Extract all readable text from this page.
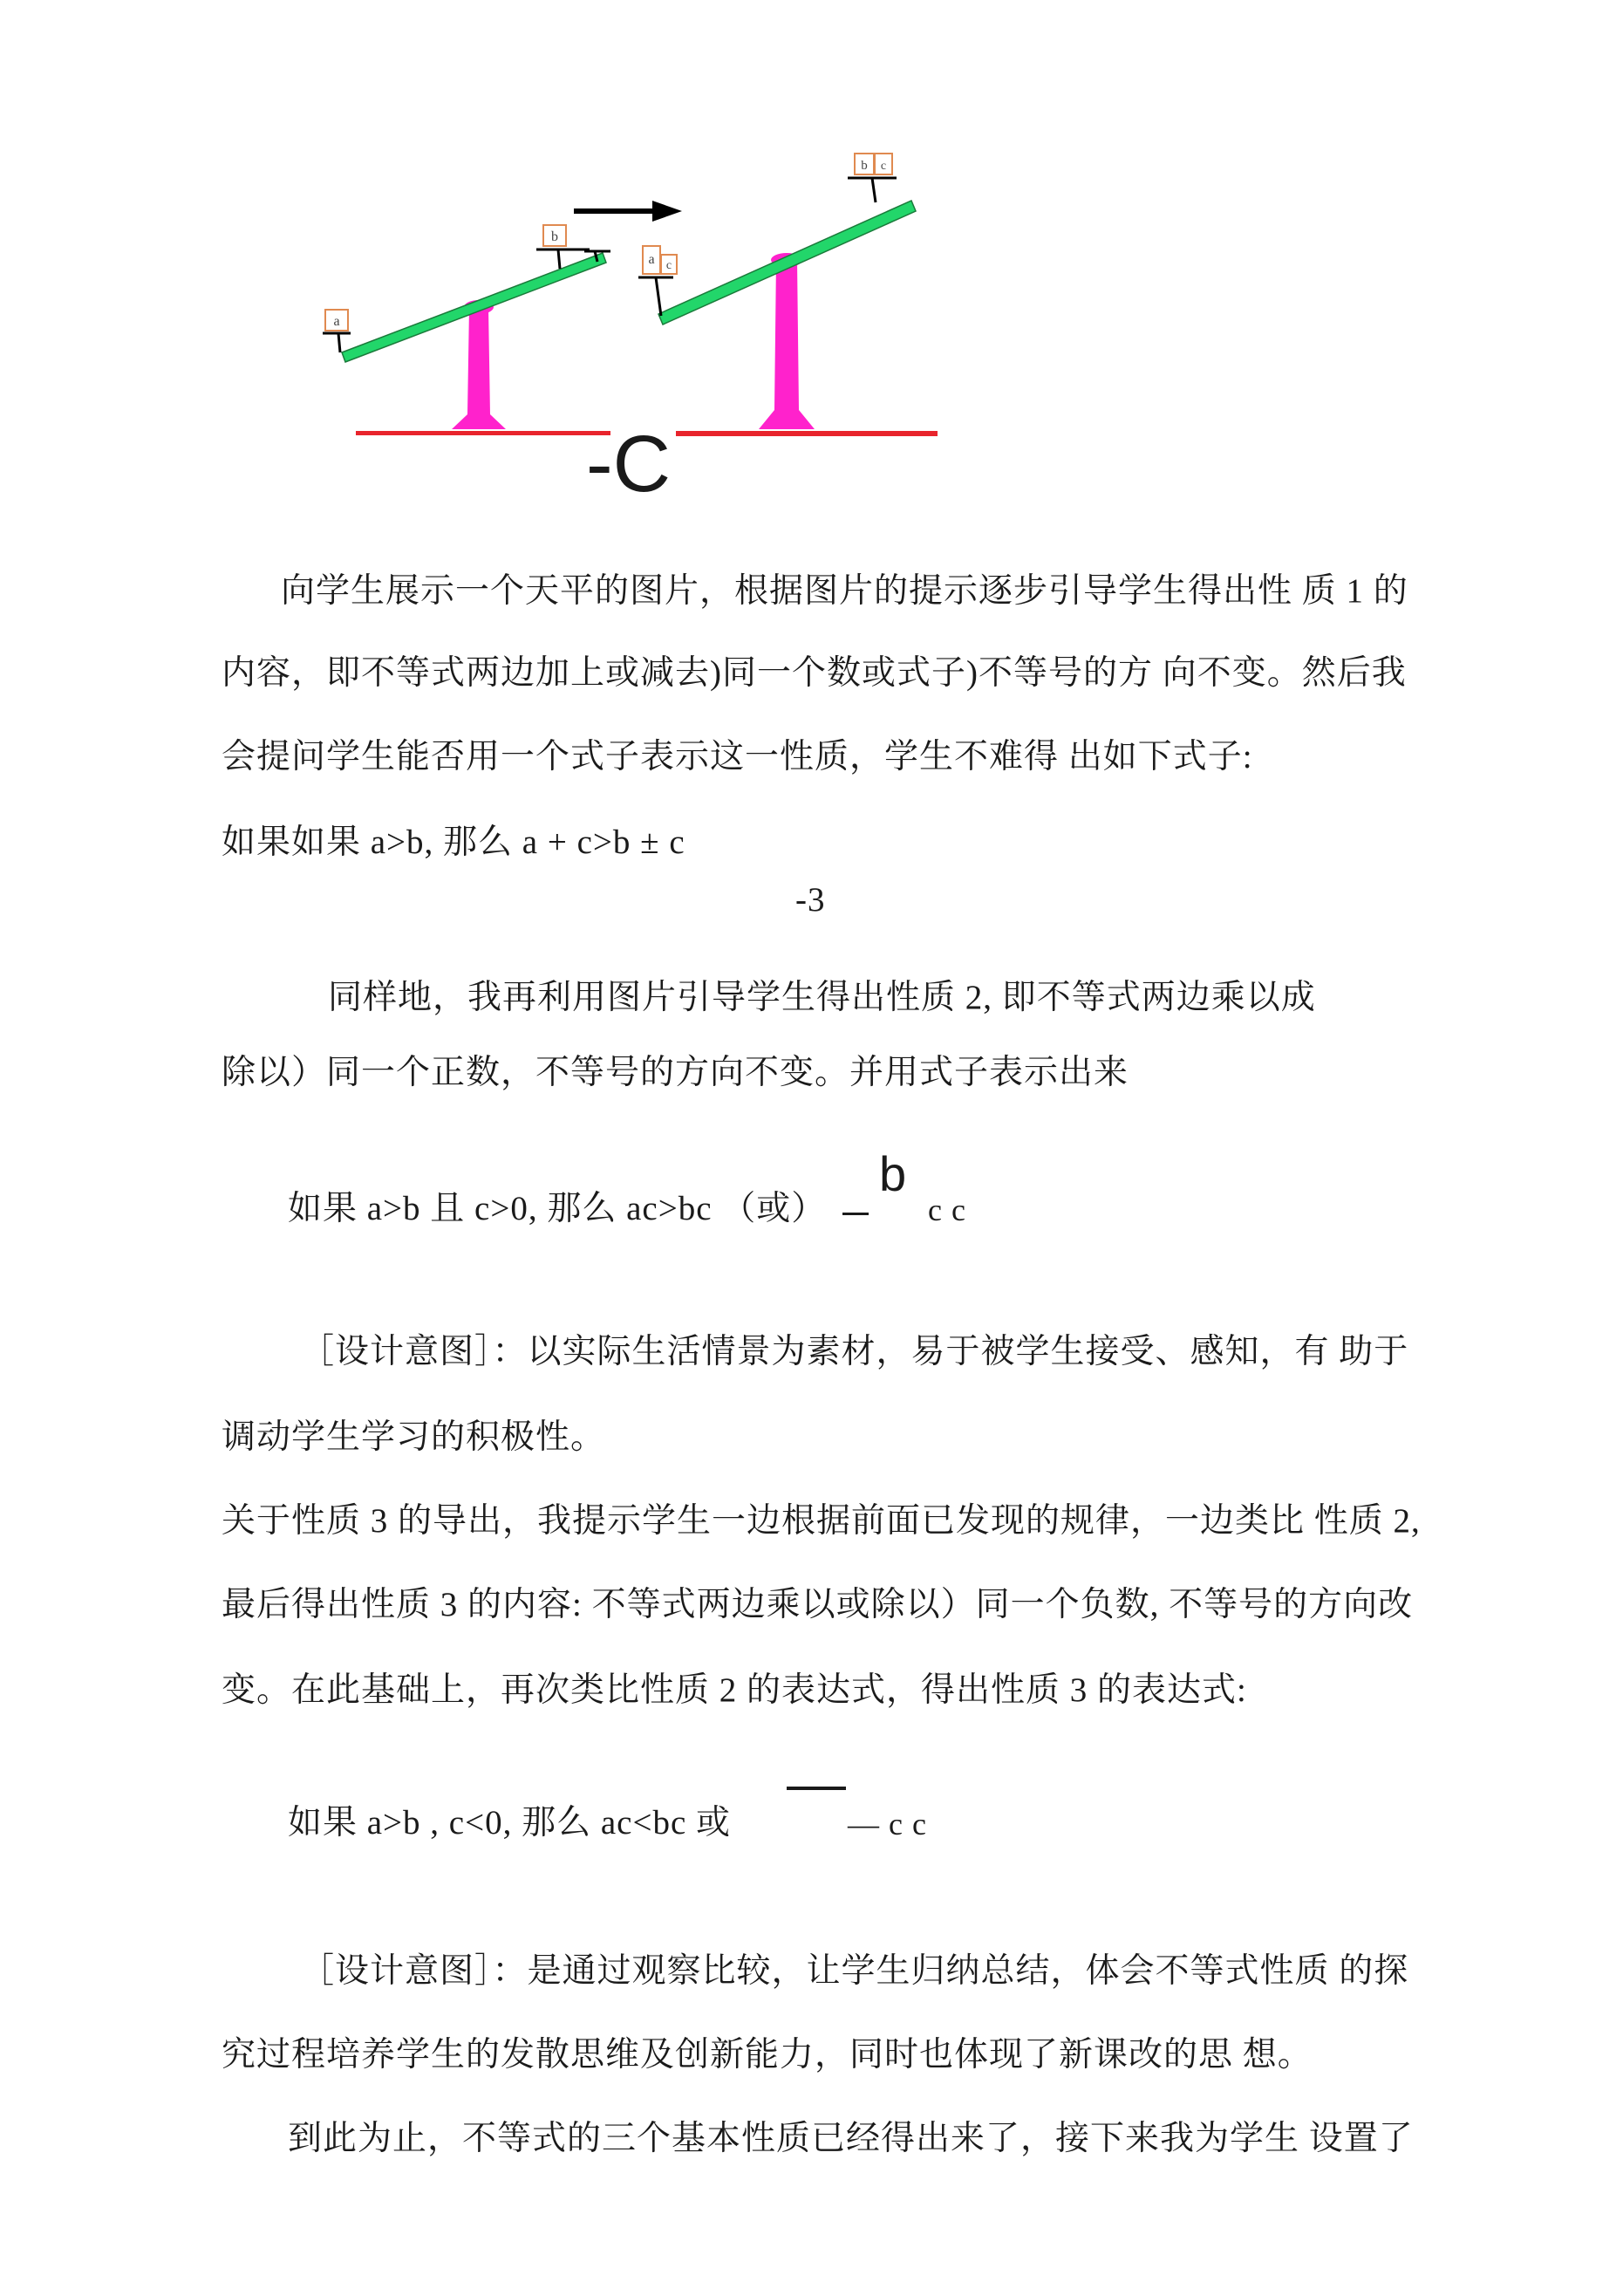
a
b
a c
b c
-C
向学生展示一个天平的图片，根据图片的提示逐步引导学生得出性 质 1 的
内容，即不等式两边加上或减去)同一个数或式子)不等号的方 向不变。然后我
会提问学生能否用一个式子表示这一性质，学生不难得 出如下式子:
如果如果 a>b, 那么 a + c>b ± c
-3
同样地，我再利用图片引导学生得出性质 2, 即不等式两边乘以成
除以）同一个正数，不等号的方向不变。并用式子表示出来
如果 a>b 且 c>0, 那么 ac>bc （或）
b
c c
［设计意图］：以实际生活情景为素材，易于被学生接受、感知，有 助于
调动学生学习的积极性。
关于性质 3 的导出，我提示学生一边根据前面已发现的规律，一边类比 性质 2,
最后得出性质 3 的内容: 不等式两边乘以或除以）同一个负数, 不等号的方向改
变。在此基础上，再次类比性质 2 的表达式，得出性质 3 的表达式:
如果 a>b , c<0, 那么 ac<bc 或	— c c
［设计意图］：是通过观察比较，让学生归纳总结，体会不等式性质 的探
究过程培养学生的发散思维及创新能力，同时也体现了新课改的思 想。
到此为止，不等式的三个基本性质已经得出来了，接下来我为学生 设置了
